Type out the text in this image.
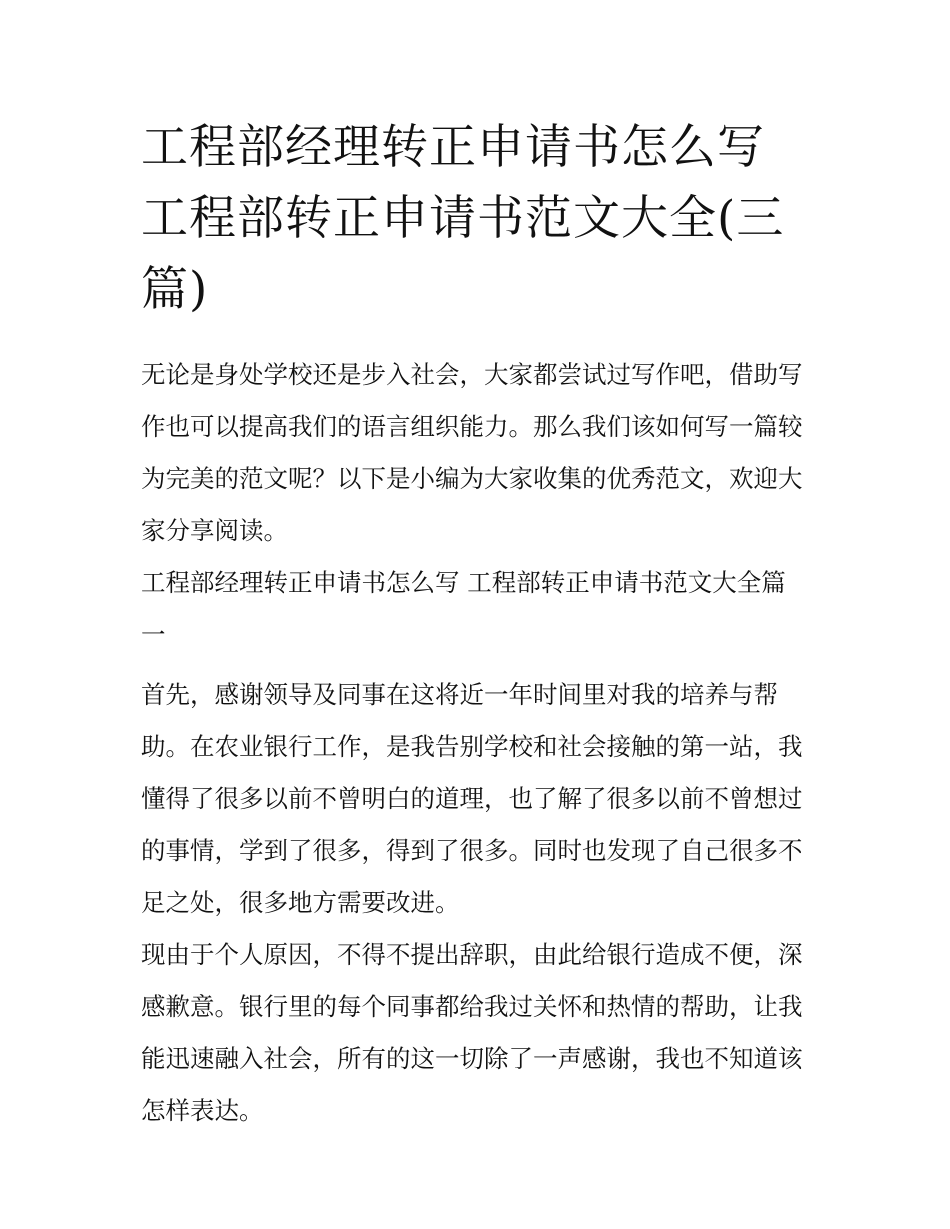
工程部经理转正申请书怎么写
工程部转正申请书范文大全(三
篇)

无论是身处学校还是步入社会，大家都尝试过写作吧，借助写

作也可以提高我们的语言组织能力。那么我们该如何写一篇较

为完美的范文呢？以下是小编为大家收集的优秀范文，欢迎大

家分享阅读。

工程部经理转正申请书怎么写 工程部转正申请书范文大全篇

一

首先，感谢领导及同事在这将近一年时间里对我的培养与帮

助。在农业银行工作，是我告别学校和社会接触的第一站，我

懂得了很多以前不曾明白的道理，也了解了很多以前不曾想过

的事情，学到了很多，得到了很多。同时也发现了自己很多不

足之处，很多地方需要改进。

现由于个人原因，不得不提出辞职，由此给银行造成不便，深

感歉意。银行里的每个同事都给我过关怀和热情的帮助，让我

能迅速融入社会，所有的这一切除了一声感谢，我也不知道该

怎样表达。
